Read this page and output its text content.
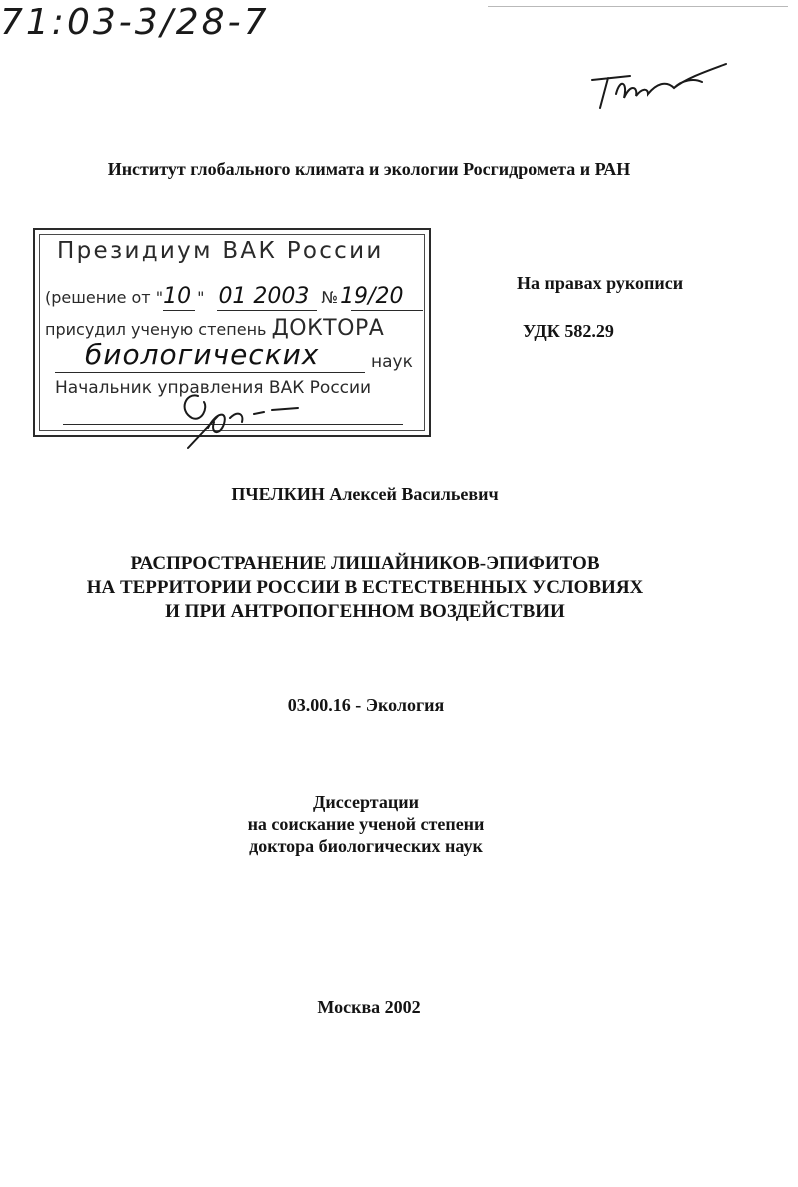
71:03-3/28-7
Институт глобального климата и экологии Росгидромета и РАН
Президиум ВАК России
(решение от "10 " 01 2003 №19/20
присудил ученую степень ДОКТОРА
биологических	наук
Начальник управления ВАК России
На правах рукописи
УДК 582.29
ПЧЕЛКИН Алексей Васильевич
РАСПРОСТРАНЕНИЕ ЛИШАЙНИКОВ-ЭПИФИТОВ
НА ТЕРРИТОРИИ РОССИИ В ЕСТЕСТВЕННЫХ УСЛОВИЯХ
И ПРИ АНТРОПОГЕННОМ ВОЗДЕЙСТВИИ
03.00.16 - Экология
Диссертации
на соискание ученой степени
доктора биологических наук
Москва 2002
